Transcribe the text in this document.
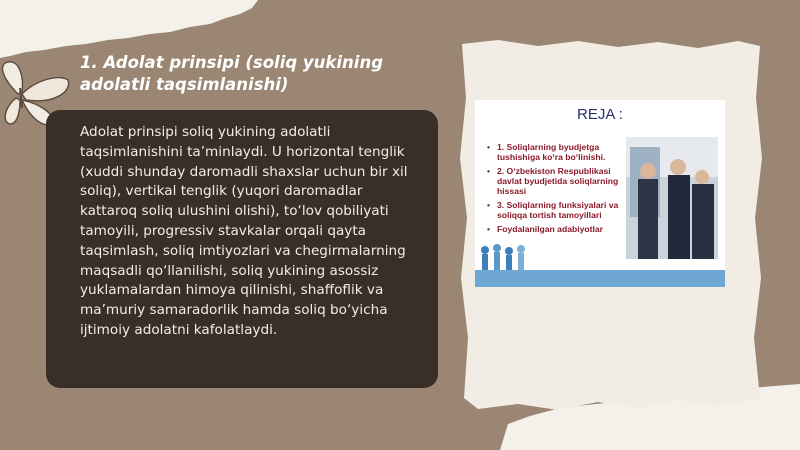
1. Adolat prinsipi (soliq yukining adolatli taqsimlanishi)

Adolat prinsipi soliq yukining adolatli taqsimlanishini ta’minlaydi. U horizontal tenglik (xuddi shunday daromadli shaxslar uchun bir xil soliq), vertikal tenglik (yuqori daromadlar kattaroq soliq ulushini olishi), to‘lov qobiliyati tamoyili, progressiv stavkalar orqali qayta taqsimlash, soliq imtiyozlari va chegirmalarning maqsadli qo‘llanilishi, soliq yukining asossiz yuklamalardan himoya qilinishi, shaffoflik va ma’muriy samaradorlik hamda soliq bo‘yicha ijtimoiy adolatni kafolatlaydi.

REJA :
• 1. Soliqlarning byudjetga tushishiga ko‘ra bo‘linishi.
• 2. O‘zbekiston Respublikasi davlat byudjetida soliqlarning hissasi
• 3. Soliqlarning funksiyalari va soliqqa tortish tamoyillari
• Foydalanilgan adabiyotlar
